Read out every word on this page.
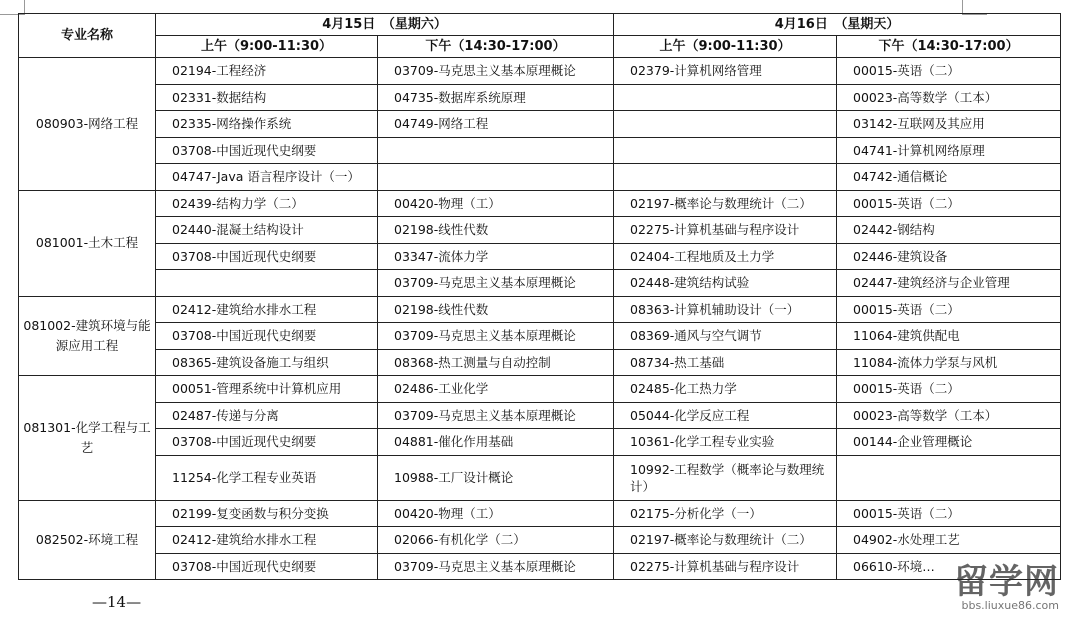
专业名称	4月15日　（星期六）		4月16日　（星期天）	
	上午（9:00-11:30）	下午（14:30-17:00）	上午（9:00-11:30）	下午（14:30-17:00）
080903-网络工程	02194-工程经济	03709-马克思主义基本原理概论	02379-计算机网络管理	00015-英语（二）
	02331-数据结构	04735-数据库系统原理		00023-高等数学（工本）
	02335-网络操作系统	04749-网络工程		03142-互联网及其应用
	03708-中国近现代史纲要			04741-计算机网络原理
	04747-Java 语言程序设计（一）			04742-通信概论
081001-土木工程	02439-结构力学（二）	00420-物理（工）	02197-概率论与数理统计（二）	00015-英语（二）
	02440-混凝土结构设计	02198-线性代数	02275-计算机基础与程序设计	02442-钢结构
	03708-中国近现代史纲要	03347-流体力学	02404-工程地质及土力学	02446-建筑设备
		03709-马克思主义基本原理概论	02448-建筑结构试验	02447-建筑经济与企业管理
081002-建筑环境与能源应用工程	02412-建筑给水排水工程	02198-线性代数	08363-计算机辅助设计（一）	00015-英语（二）
	03708-中国近现代史纲要	03709-马克思主义基本原理概论	08369-通风与空气调节	11064-建筑供配电
	08365-建筑设备施工与组织	08368-热工测量与自动控制	08734-热工基础	11084-流体力学泵与风机
081301-化学工程与工艺	00051-管理系统中计算机应用	02486-工业化学	02485-化工热力学	00015-英语（二）
	02487-传递与分离	03709-马克思主义基本原理概论	05044-化学反应工程	00023-高等数学（工本）
	03708-中国近现代史纲要	04881-催化作用基础	10361-化学工程专业实验	00144-企业管理概论
	11254-化学工程专业英语	10988-工厂设计概论	10992-工程数学（概率论与数理统计）	
082502-环境工程	02199-复变函数与积分变换	00420-物理（工）	02175-分析化学（一）	00015-英语（二）
	02412-建筑给水排水工程	02066-有机化学（二）	02197-概率论与数理统计（二）	04902-水处理工艺
	03708-中国近现代史纲要	03709-马克思主义基本原理概论	02275-计算机基础与程序设计	06610-环境…
—14—	留学网
bbs.liuxue86.com
